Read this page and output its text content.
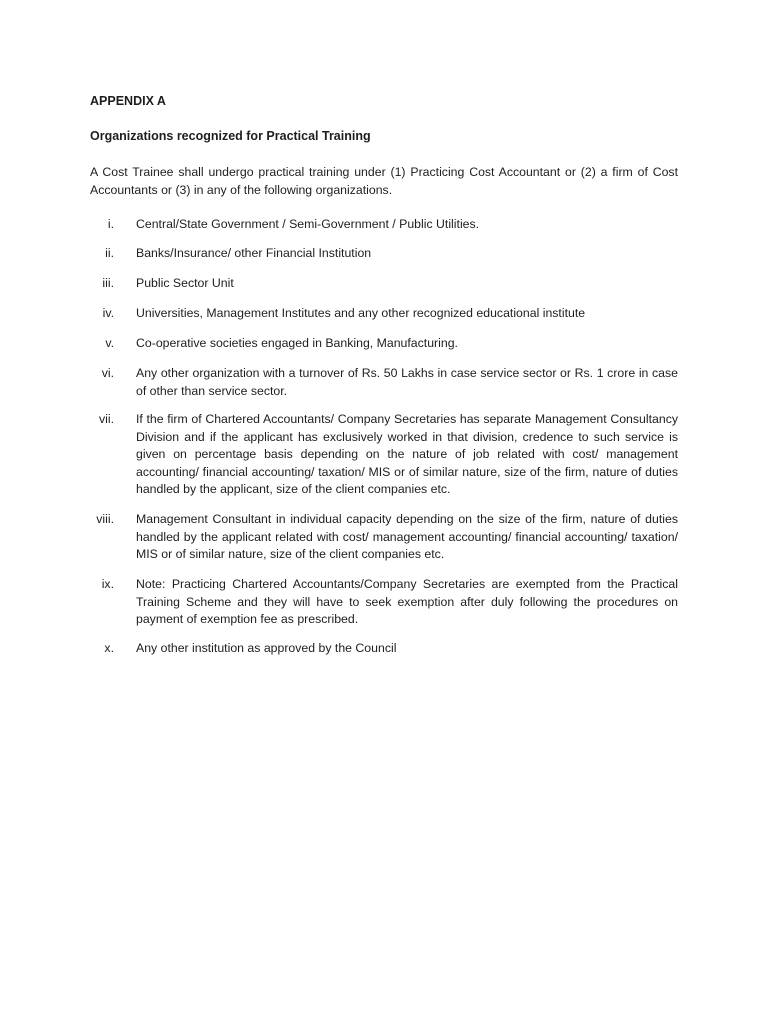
APPENDIX A
Organizations recognized for Practical Training
A Cost Trainee shall undergo practical training under (1) Practicing Cost Accountant or (2) a firm of Cost Accountants or (3) in any of the following organizations.
i. Central/State Government / Semi-Government / Public Utilities.
ii. Banks/Insurance/ other Financial Institution
iii. Public Sector Unit
iv. Universities, Management Institutes and any other recognized educational institute
v. Co-operative societies engaged in Banking, Manufacturing.
vi. Any other organization with a turnover of Rs. 50 Lakhs in case service sector or Rs. 1 crore in case of other than service sector.
vii. If the firm of Chartered Accountants/ Company Secretaries has separate Management Consultancy Division and if the applicant has exclusively worked in that division, credence to such service is given on percentage basis depending on the nature of job related with cost/ management accounting/ financial accounting/ taxation/ MIS or of similar nature, size of the firm, nature of duties handled by the applicant, size of the client companies etc.
viii. Management Consultant in individual capacity depending on the size of the firm, nature of duties handled by the applicant related with cost/ management accounting/ financial accounting/ taxation/ MIS or of similar nature, size of the client companies etc.
ix. Note: Practicing Chartered Accountants/Company Secretaries are exempted from the Practical Training Scheme and they will have to seek exemption after duly following the procedures on payment of exemption fee as prescribed.
x. Any other institution as approved by the Council
